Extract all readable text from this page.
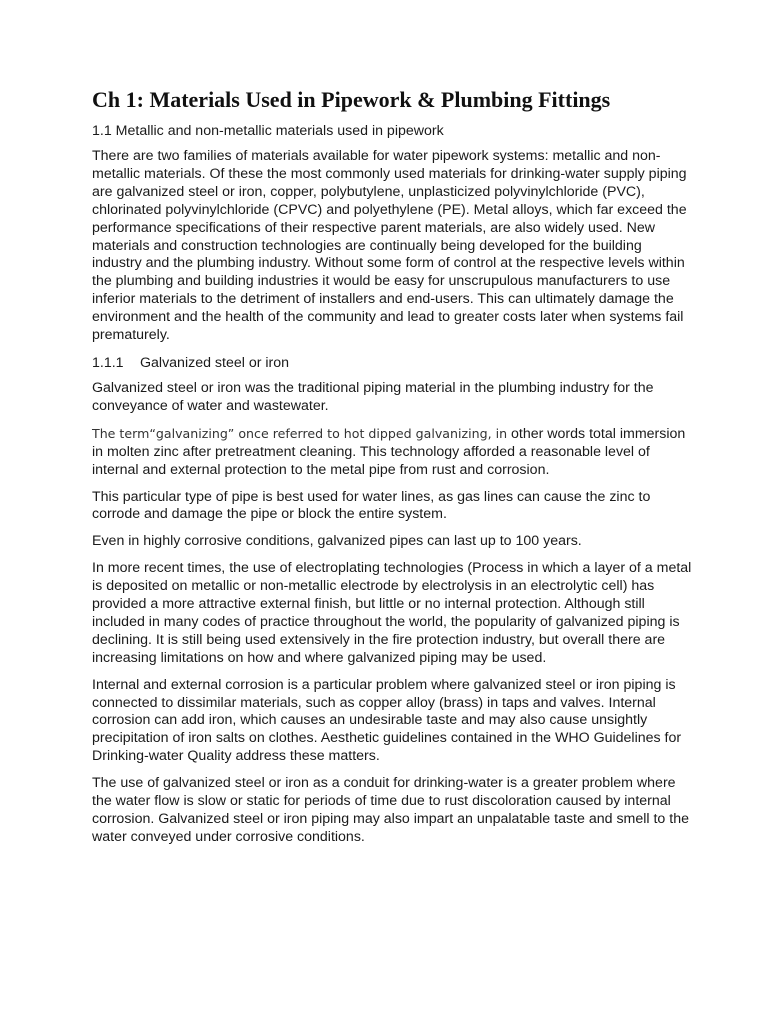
Ch 1: Materials Used in Pipework & Plumbing Fittings
1.1 Metallic and non-metallic materials used in pipework

There are two families of materials available for water pipework systems: metallic and non-metallic materials. Of these the most commonly used materials for drinking-water supply piping are galvanized steel or iron, copper, polybutylene, unplasticized polyvinylchloride (PVC), chlorinated polyvinylchloride (CPVC) and polyethylene (PE). Metal alloys, which far exceed the performance specifications of their respective parent materials, are also widely used. New materials and construction technologies are continually being developed for the building industry and the plumbing industry. Without some form of control at the respective levels within the plumbing and building industries it would be easy for unscrupulous manufacturers to use inferior materials to the detriment of installers and end-users. This can ultimately damage the environment and the health of the community and lead to greater costs later when systems fail prematurely.

1.1.1 Galvanized steel or iron

Galvanized steel or iron was the traditional piping material in the plumbing industry for the conveyance of water and wastewater.

The term“galvanizing” once referred to hot dipped galvanizing, in other words total immersion in molten zinc after pretreatment cleaning. This technology afforded a reasonable level of internal and external protection to the metal pipe from rust and corrosion.

This particular type of pipe is best used for water lines, as gas lines can cause the zinc to corrode and damage the pipe or block the entire system.

Even in highly corrosive conditions, galvanized pipes can last up to 100 years.

In more recent times, the use of electroplating technologies (Process in which a layer of a metal is deposited on metallic or non-metallic electrode by electrolysis in an electrolytic cell) has provided a more attractive external finish, but little or no internal protection. Although still included in many codes of practice throughout the world, the popularity of galvanized piping is declining. It is still being used extensively in the fire protection industry, but overall there are increasing limitations on how and where galvanized piping may be used.

Internal and external corrosion is a particular problem where galvanized steel or iron piping is connected to dissimilar materials, such as copper alloy (brass) in taps and valves. Internal corrosion can add iron, which causes an undesirable taste and may also cause unsightly precipitation of iron salts on clothes. Aesthetic guidelines contained in the WHO Guidelines for Drinking-water Quality address these matters.

The use of galvanized steel or iron as a conduit for drinking-water is a greater problem where the water flow is slow or static for periods of time due to rust discoloration caused by internal corrosion. Galvanized steel or iron piping may also impart an unpalatable taste and smell to the water conveyed under corrosive conditions.
